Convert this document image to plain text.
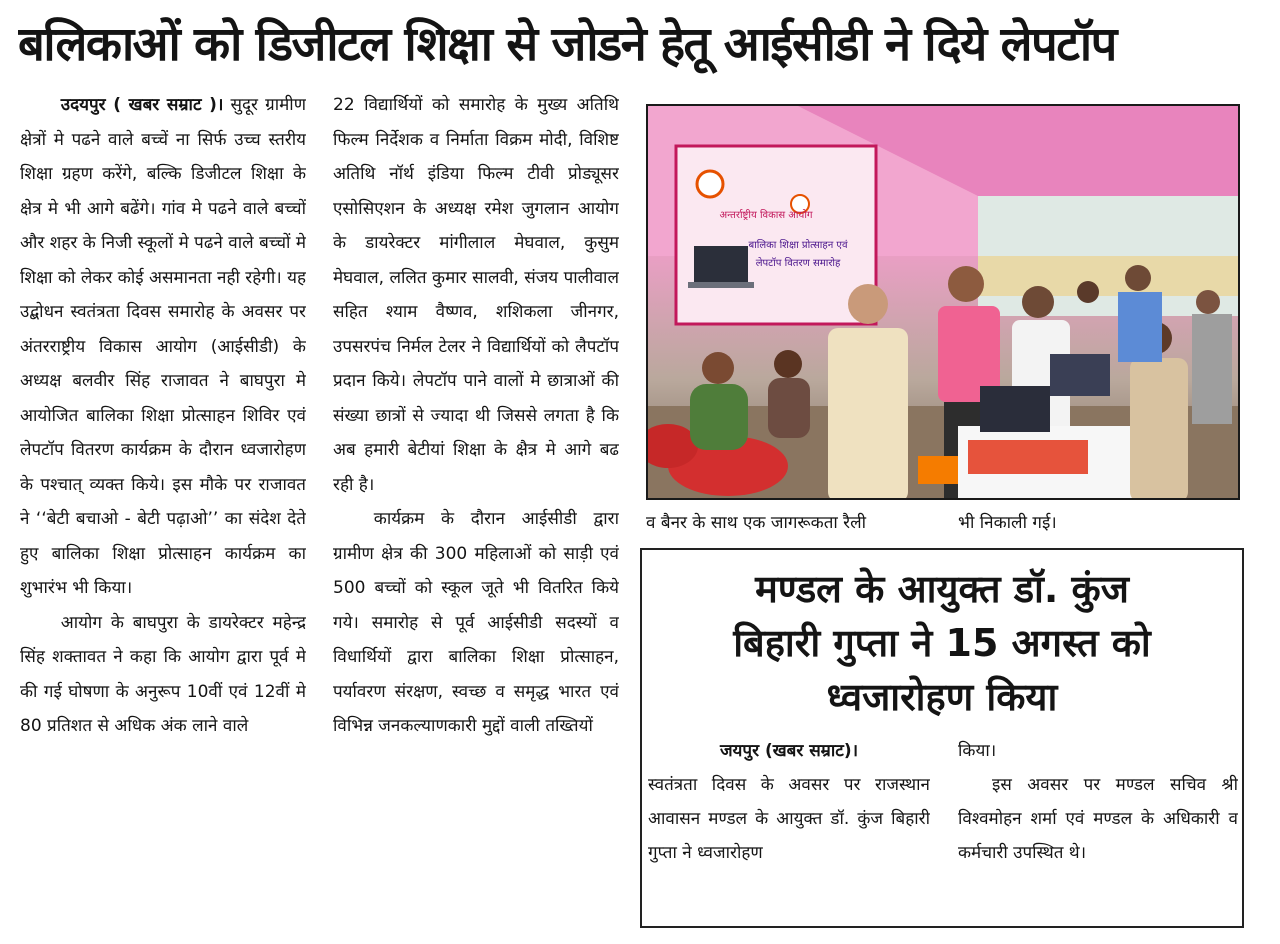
बलिकाओं को डिजीटल शिक्षा से जोडने हेतू आईसीडी ने दिये लेपटॉप

उदयपुर ( खबर सम्राट )। सुदूर ग्रामीण क्षेत्रों मे पढने वाले बच्चें ना सिर्फ उच्च स्तरीय शिक्षा ग्रहण करेंगे, बल्कि डिजीटल शिक्षा के क्षेत्र मे भी आगे बढेंगे। गांव मे पढने वाले बच्चों और शहर के निजी स्कूलों मे पढने वाले बच्चों मे शिक्षा को लेकर कोई असमानता नही रहेगी। यह उद्बोधन स्वतंत्रता दिवस समारोह के अवसर पर अंतरराष्ट्रीय विकास आयोग (आईसीडी) के अध्यक्ष बलवीर सिंह राजावत ने बाघपुरा मे आयोजित बालिका शिक्षा प्रोत्साहन शिविर एवं लेपटॉप वितरण कार्यक्रम के दौरान ध्वजारोहण के पश्चात् व्यक्त किये। इस मौके पर राजावत ने ‘‘बेटी बचाओ - बेटी पढ़ाओ’’ का संदेश देते हुए बालिका शिक्षा प्रोत्साहन कार्यक्रम का शुभारंभ भी किया।

आयोग के बाघपुरा के डायरेक्टर महेन्द्र सिंह शक्तावत ने कहा कि आयोग द्वारा पूर्व मे की गई घोषणा के अनुरूप 10वीं एवं 12वीं मे 80 प्रतिशत से अधिक अंक लाने वाले

22 विद्यार्थियों को समारोह के मुख्य अतिथि फिल्म निर्देशक व निर्माता विक्रम मोदी, विशिष्ट अतिथि नॉर्थ इंडिया फिल्म टीवी प्रोड्यूसर एसोसिएशन के अध्यक्ष रमेश जुगलान आयोग के डायरेक्टर मांगीलाल मेघवाल, कुसुम मेघवाल, ललित कुमार सालवी, संजय पालीवाल सहित श्याम वैष्णव, शशिकला जीनगर, उपसरपंच निर्मल टेलर ने विद्यार्थियों को लैपटॉप प्रदान किये। लेपटॉप पाने वालों मे छात्राओं की संख्या छात्रों से ज्यादा थी जिससे लगता है कि अब हमारी बेटीयां शिक्षा के क्षैत्र मे आगे बढ रही है।

कार्यक्रम के दौरान आईसीडी द्वारा ग्रामीण क्षेत्र की 300 महिलाओं को साड़ी एवं 500 बच्चों को स्कूल जूते भी वितरित किये गये। समारोह से पूर्व आईसीडी सदस्यों व विधार्थियों द्वारा बालिका शिक्षा प्रोत्साहन, पर्यावरण संरक्षण, स्वच्छ व समृद्ध भारत एवं विभिन्न जनकल्याणकारी मुद्दों वाली तख्तियों

अन्तर्राष्ट्रीय विकास आयोग
बालिका शिक्षा प्रोत्साहन एवं
लेपटॉप वितरण समारोह
व बैनर के साथ एक जागरूकता रैली	भी निकाली गई।
मण्डल के आयुक्त डॉ. कुंज
बिहारी गुप्ता ने 15 अगस्त को
ध्वजारोहण किया

जयपुर (खबर सम्राट)।

स्वतंत्रता दिवस के अवसर पर राजस्थान आवासन मण्डल के आयुक्त डॉ. कुंज बिहारी गुप्ता ने ध्वजारोहण

किया।

इस अवसर पर मण्डल सचिव श्री विश्वमोहन शर्मा एवं मण्डल के अधिकारी व कर्मचारी उपस्थित थे।
